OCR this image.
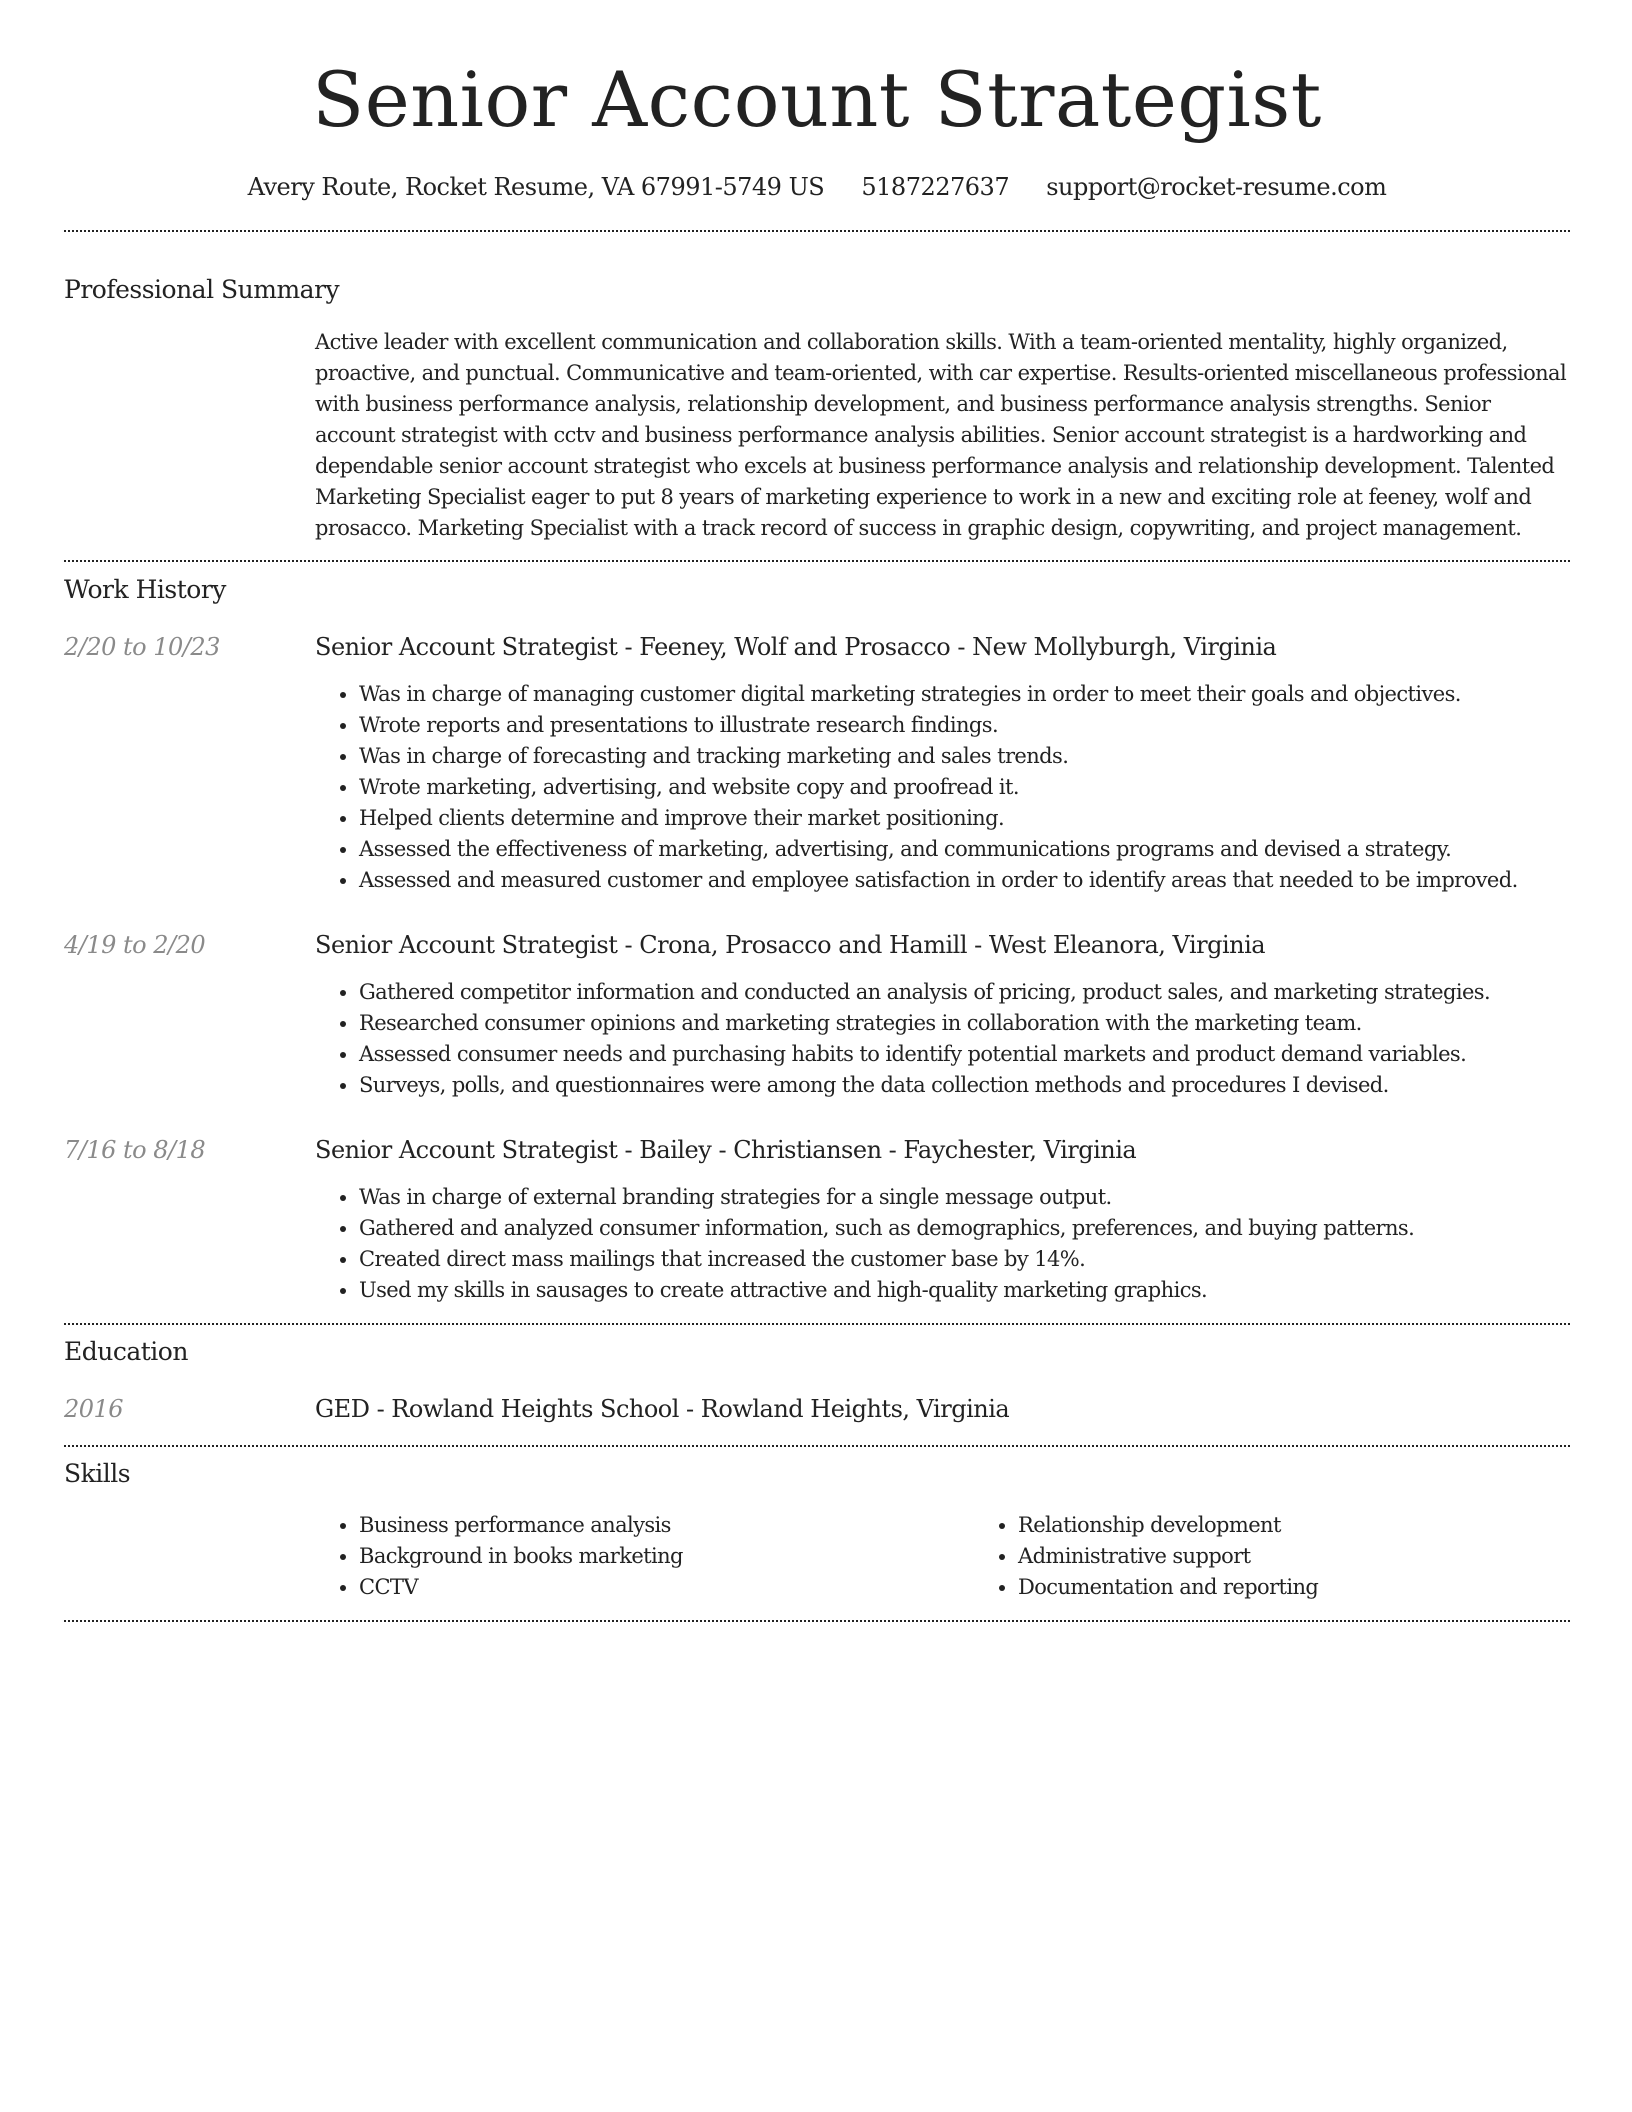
Senior Account Strategist
Avery Route, Rocket Resume, VA 67991-5749 US 5187227637 support@rocket-resume.com
Professional Summary

Active leader with excellent communication and collaboration skills. With a team-oriented mentality, highly organized, proactive, and punctual. Communicative and team-oriented, with car expertise. Results-oriented miscellaneous professional with business performance analysis, relationship development, and business performance analysis strengths. Senior account strategist with cctv and business performance analysis abilities. Senior account strategist is a hardworking and dependable senior account strategist who excels at business performance analysis and relationship development. Talented Marketing Specialist eager to put 8 years of marketing experience to work in a new and exciting role at feeney, wolf and prosacco. Marketing Specialist with a track record of success in graphic design, copywriting, and project management.

Work History
2/20 to 10/23	Senior Account Strategist - Feeney, Wolf and Prosacco - New Mollyburgh, Virginia
• Was in charge of managing customer digital marketing strategies in order to meet their goals and objectives.
• Wrote reports and presentations to illustrate research findings.
• Was in charge of forecasting and tracking marketing and sales trends.
• Wrote marketing, advertising, and website copy and proofread it.
• Helped clients determine and improve their market positioning.
• Assessed the effectiveness of marketing, advertising, and communications programs and devised a strategy.
• Assessed and measured customer and employee satisfaction in order to identify areas that needed to be improved.
4/19 to 2/20	Senior Account Strategist - Crona, Prosacco and Hamill - West Eleanora, Virginia
• Gathered competitor information and conducted an analysis of pricing, product sales, and marketing strategies.
• Researched consumer opinions and marketing strategies in collaboration with the marketing team.
• Assessed consumer needs and purchasing habits to identify potential markets and product demand variables.
• Surveys, polls, and questionnaires were among the data collection methods and procedures I devised.
7/16 to 8/18	Senior Account Strategist - Bailey - Christiansen - Faychester, Virginia
• Was in charge of external branding strategies for a single message output.
• Gathered and analyzed consumer information, such as demographics, preferences, and buying patterns.
• Created direct mass mailings that increased the customer base by 14%.
• Used my skills in sausages to create attractive and high-quality marketing graphics.
Education
2016	GED - Rowland Heights School - Rowland Heights, Virginia
Skills
• Business performance analysis
• Background in books marketing
• CCTV
• Relationship development
• Administrative support
• Documentation and reporting
